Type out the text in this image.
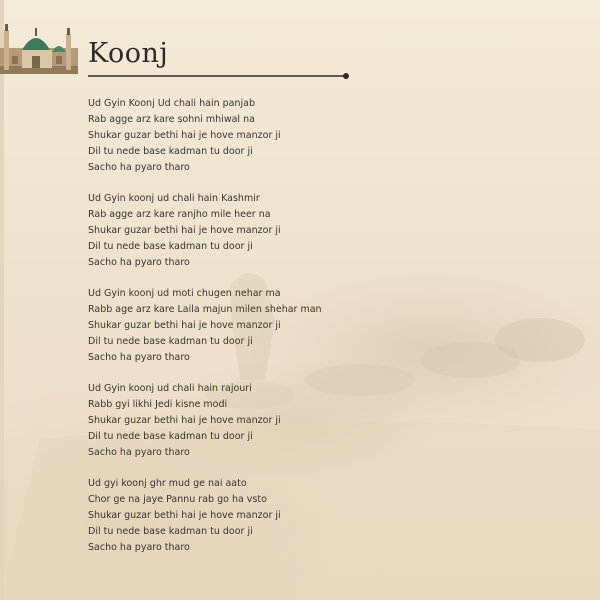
Koonj
Ud Gyin Koonj Ud chali hain panjab
Rab agge arz kare sohni mhiwal na
Shukar guzar bethi hai je hove manzor ji
Dil tu nede base kadman tu door ji
Sacho ha pyaro tharo
Ud Gyin koonj ud chali hain Kashmir
Rab agge arz kare ranjho mile heer na
Shukar guzar bethi hai je hove manzor ji
Dil tu nede base kadman tu door ji
Sacho ha pyaro tharo
Ud Gyin koonj ud moti chugen nehar ma
Rabb age arz kare Laila majun milen shehar man
Shukar guzar bethi hai je hove manzor ji
Dil tu nede base kadman tu door ji
Sacho ha pyaro tharo
Ud Gyin koonj ud chali hain rajouri
Rabb gyi likhi Jedi kisne modi
Shukar guzar bethi hai je hove manzor ji
Dil tu nede base kadman tu door ji
Sacho ha pyaro tharo
Ud gyi koonj ghr mud ge nai aato
Chor ge na jaye Pannu rab go ha vsto
Shukar guzar bethi hai je hove manzor ji
Dil tu nede base kadman tu door ji
Sacho ha pyaro tharo
